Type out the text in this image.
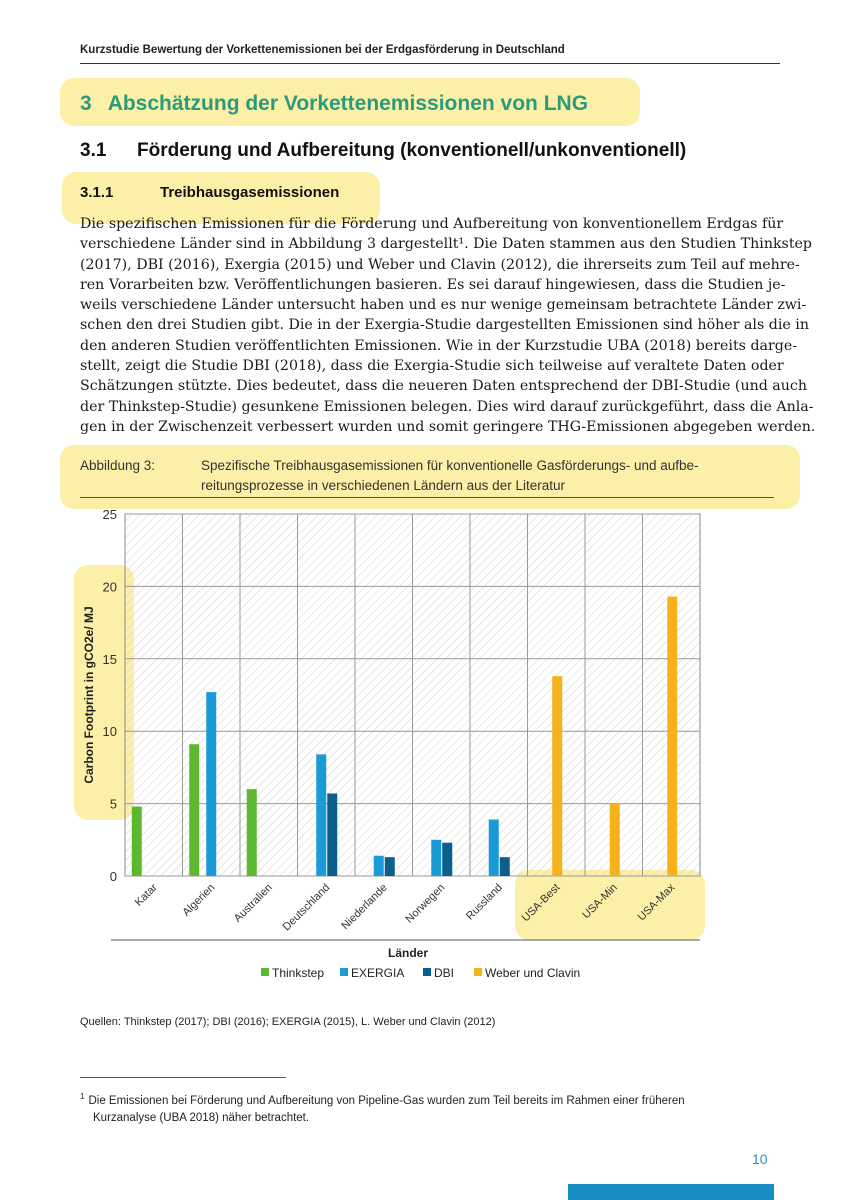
Kurzstudie Bewertung der Vorkettenemissionen bei der Erdgasförderung in Deutschland
3 Abschätzung der Vorkettenemissionen von LNG
3.1 Förderung und Aufbereitung (konventionell/unkonventionell)
3.1.1	Treibhausgasemissionen
Die spezifischen Emissionen für die Förderung und Aufbereitung von konventionellem Erdgas für
verschiedene Länder sind in Abbildung 3 dargestellt¹. Die Daten stammen aus den Studien Thinkstep
(2017), DBI (2016), Exergia (2015) und Weber und Clavin (2012), die ihrerseits zum Teil auf mehre-
ren Vorarbeiten bzw. Veröffentlichungen basieren. Es sei darauf hingewiesen, dass die Studien je-
weils verschiedene Länder untersucht haben und es nur wenige gemeinsam betrachtete Länder zwi-
schen den drei Studien gibt. Die in der Exergia-Studie dargestellten Emissionen sind höher als die in
den anderen Studien veröffentlichten Emissionen. Wie in der Kurzstudie UBA (2018) bereits darge-
stellt, zeigt die Studie DBI (2018), dass die Exergia-Studie sich teilweise auf veraltete Daten oder
Schätzungen stützte. Dies bedeutet, dass die neueren Daten entsprechend der DBI-Studie (und auch
der Thinkstep-Studie) gesunkene Emissionen belegen. Dies wird darauf zurückgeführt, dass die Anla-
gen in der Zwischenzeit verbessert wurden und somit geringere THG-Emissionen abgegeben werden.
Abbildung 3:	Spezifische Treibhausgasemissionen für konventionelle Gasförderungs- und aufbe-reitungsprozesse in verschiedenen Ländern aus der Literatur
0
5
10
15
20
25
Katar Algerien Australien Deutschland Niederlande Norwegen Russland USA-Best USA-Min USA-Max
Carbon Footprint in gCO2e/ MJ
Länder
Thinkstep EXERGIA DBI	Weber und Clavin
Quellen: Thinkstep (2017); DBI (2016); EXERGIA (2015), L. Weber und Clavin (2012)
$^1$ Die Emissionen bei Förderung und Aufbereitung von Pipeline-Gas wurden zum Teil bereits im Rahmen einer früheren
Kurzanalyse (UBA 2018) näher betrachtet.
10
